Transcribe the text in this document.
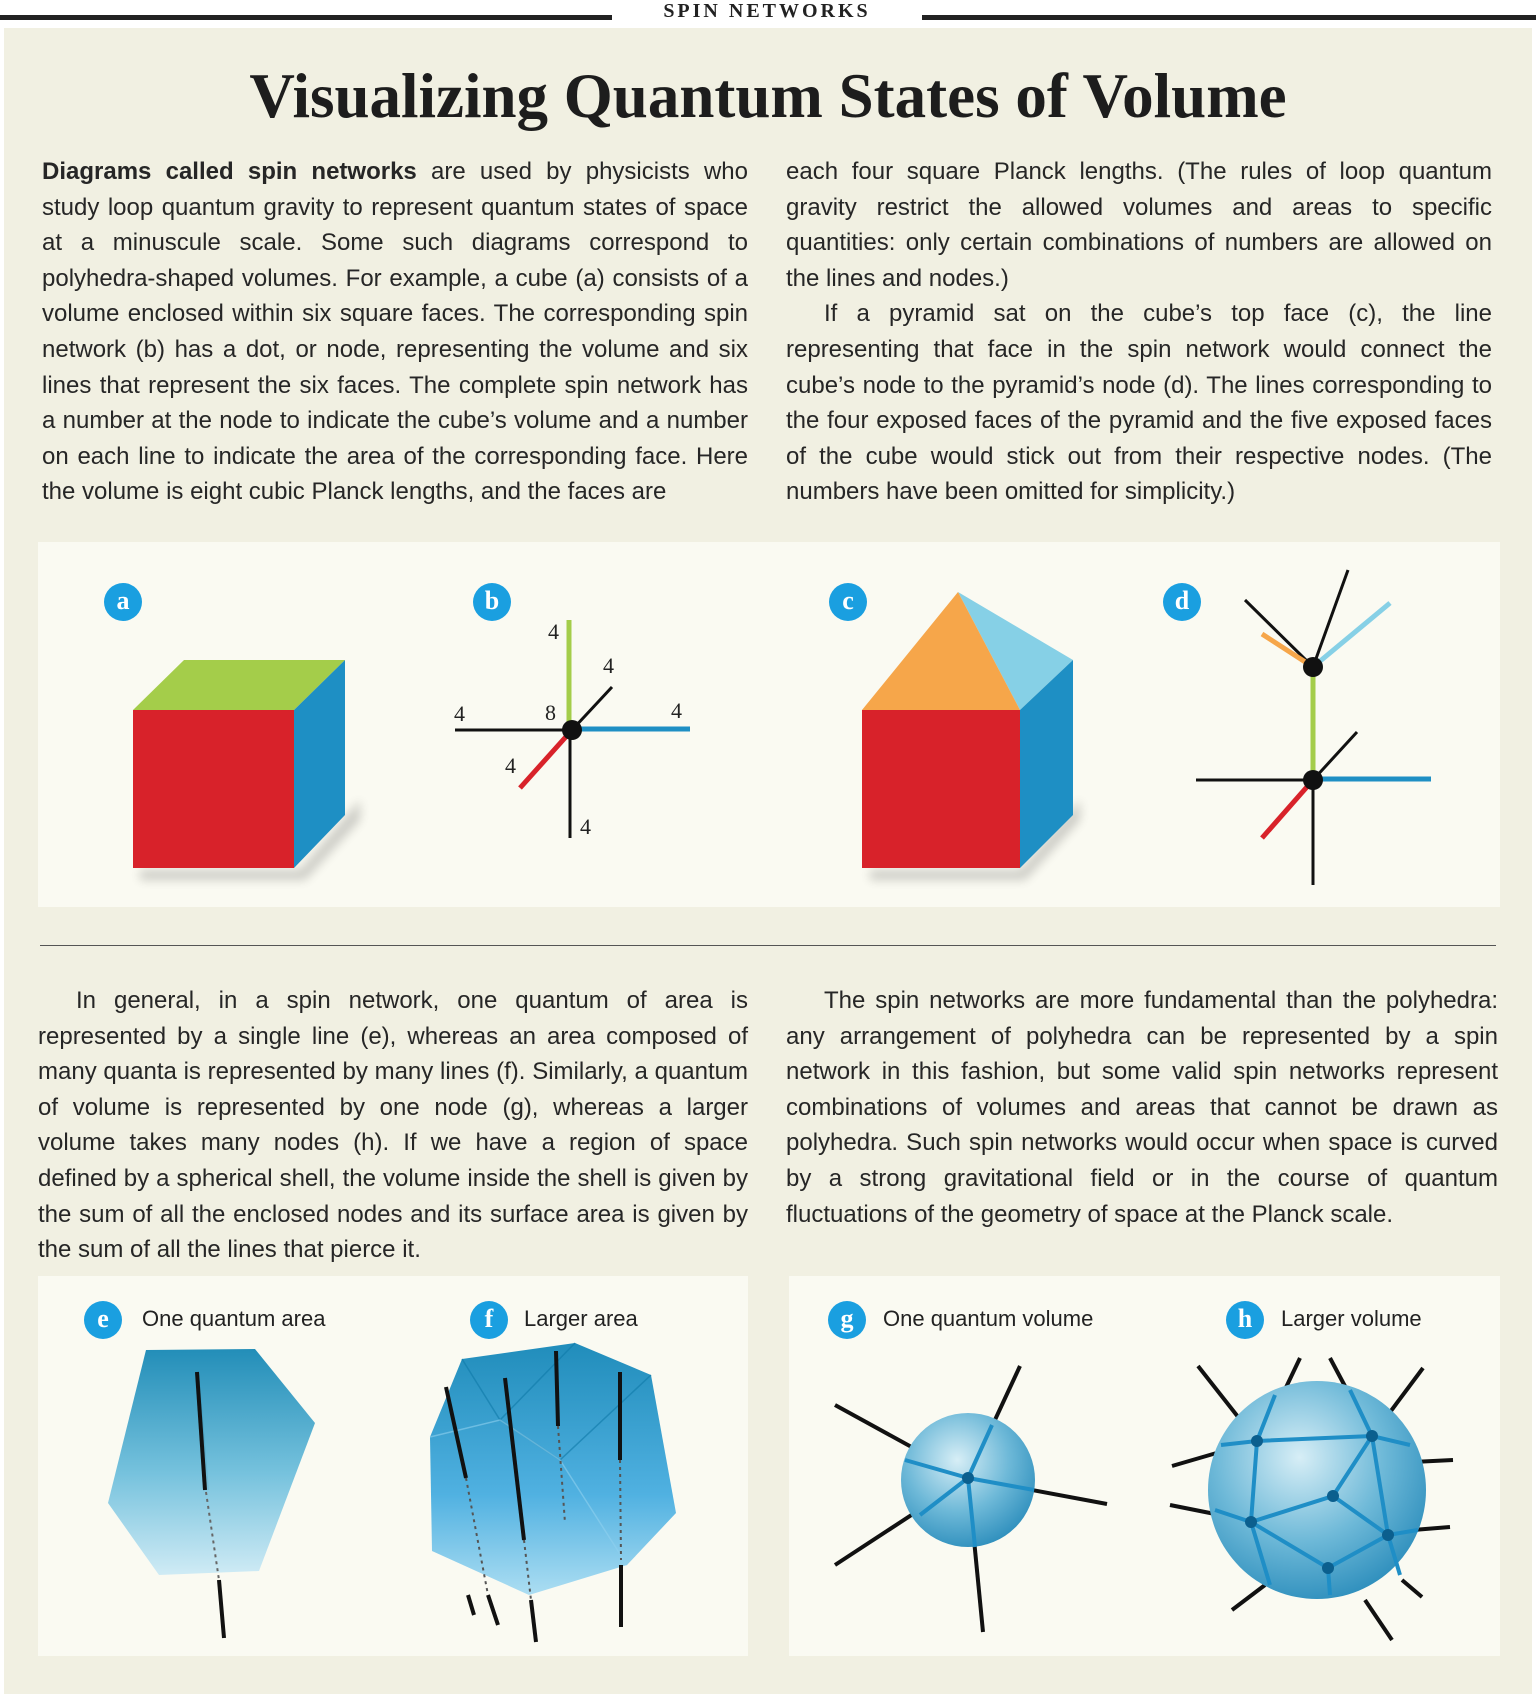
SPIN NETWORKS
Visualizing Quantum States of Volume

Diagrams called spin networks are used by physicists who study loop quantum gravity to represent quantum states of space at a minuscule scale. Some such diagrams correspond to polyhedra-shaped volumes. For example, a cube (a) consists of a volume enclosed within six square faces. The corresponding spin network (b) has a dot, or node, representing the volume and six lines that represent the six faces. The complete spin network has a number at the node to indicate the cube’s volume and a number on each line to indicate the area of the corresponding face. Here the volume is eight cubic Planck lengths, and the faces are

each four square Planck lengths. (The rules of loop quantum gravity restrict the allowed volumes and areas to specific quantities: only certain combinations of numbers are allowed on the lines and nodes.)

If a pyramid sat on the cube’s top face (c), the line representing that face in the spin network would connect the cube’s node to the pyramid’s node (d). The lines corresponding to the four exposed faces of the pyramid and the five exposed faces of the cube would stick out from their respective nodes. (The numbers have been omitted for simplicity.)

a	b	c	d
4
4
4	8	4
4
4
In general, in a spin network, one quantum of area is represented by a single line (e), whereas an area composed of many quanta is represented by many lines (f). Similarly, a quantum of volume is represented by one node (g), whereas a larger volume takes many nodes (h). If we have a region of space defined by a spherical shell, the volume inside the shell is given by the sum of all the enclosed nodes and its surface area is given by the sum of all the lines that pierce it.
The spin networks are more fundamental than the polyhedra: any arrangement of polyhedra can be represented by a spin network in this fashion, but some valid spin networks represent combinations of volumes and areas that cannot be drawn as polyhedra. Such spin networks would occur when space is curved by a strong gravitational field or in the course of quantum fluctuations of the geometry of space at the Planck scale.
e	One quantum area	f	Larger area	g	One quantum volume	h	Larger volume
